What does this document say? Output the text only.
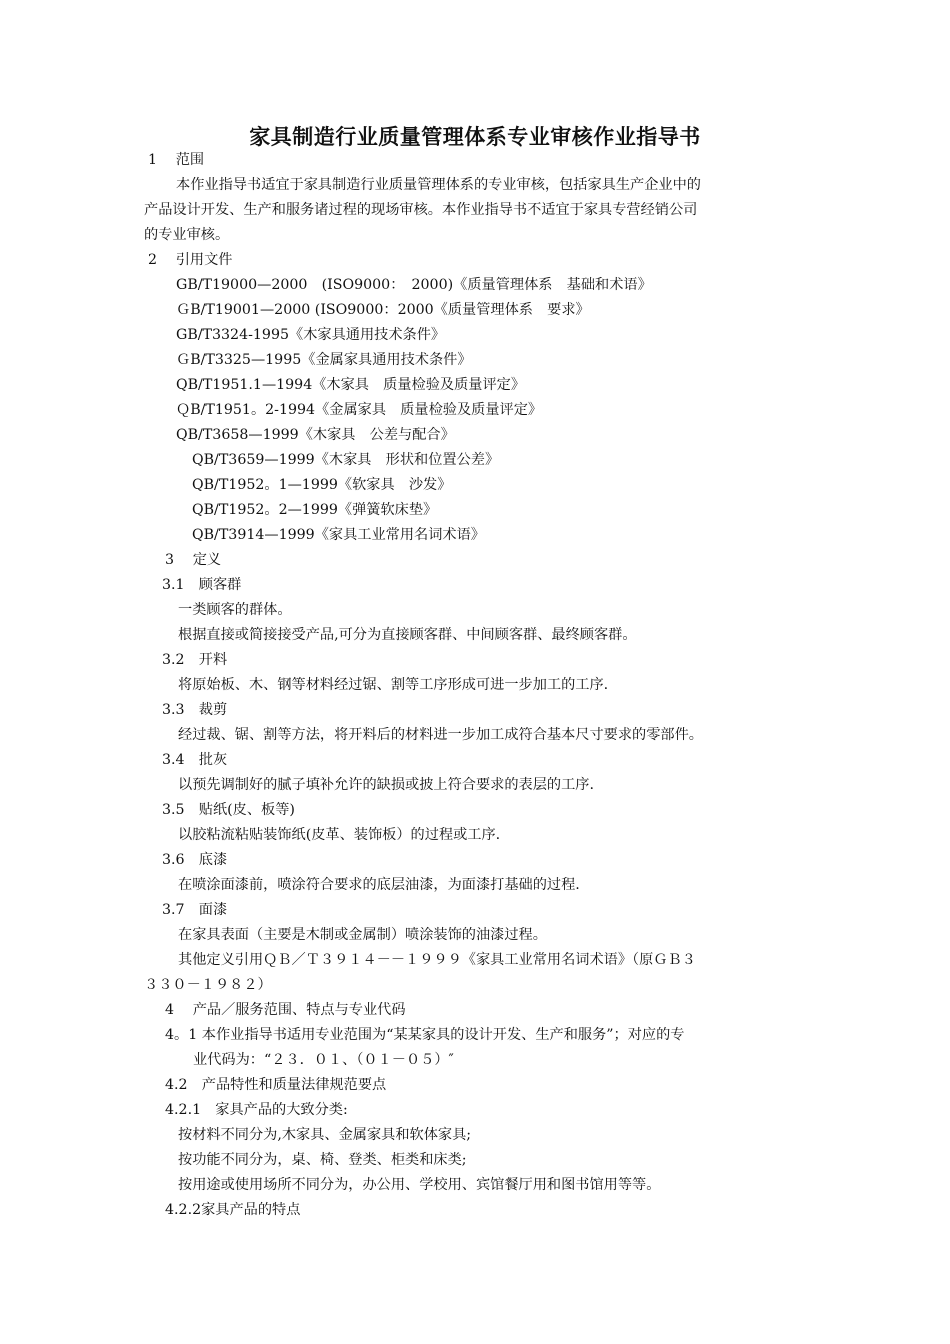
家具制造行业质量管理体系专业审核作业指导书
1　 范围
本作业指导书适宜于家具制造行业质量管理体系的专业审核，包括家具生产企业中的
产品设计开发、生产和服务诸过程的现场审核。本作业指导书不适宜于家具专营经销公司
的专业审核。
2　 引用文件
GB/T19000—2000　(ISO9000：　2000)《质量管理体系　基础和术语》
ＧB/T19001—2000 (ISO9000：2000《质量管理体系　要求》
GB/T3324-1995《木家具通用技术条件》
ＧB/T3325—1995《金属家具通用技术条件》
QB/T1951.1—1994《木家具　质量检验及质量评定》
ＱB/T1951。2-1994《金属家具　质量检验及质量评定》
QB/T3658—1999《木家具　公差与配合》
QB/T3659—1999《木家具　形状和位置公差》
QB/T1952。1—1999《软家具　沙发》
QB/T1952。2—1999《弹簧软床垫》
QB/T3914—1999《家具工业常用名词术语》
3　 定义
3.1　顾客群
一类顾客的群体。
根据直接或简接接受产品,可分为直接顾客群、中间顾客群、最终顾客群。
3.2　开料
将原始板、木、钢等材料经过锯、割等工序形成可进一步加工的工序.
3.3　裁剪
经过裁、锯、割等方法，将开料后的材料进一步加工成符合基本尺寸要求的零部件。
3.4　批灰
以预先调制好的腻子填补允许的缺损或披上符合要求的表层的工序.
3.5　贴纸(皮、板等)
以胶粘流粘贴装饰纸(皮革、装饰板）的过程或工序.
3.6　底漆
在喷涂面漆前，喷涂符合要求的底层油漆，为面漆打基础的过程.
3.7　面漆
在家具表面（主要是木制或金属制）喷涂装饰的油漆过程。
其他定义引用ＱＢ／Ｔ３９１４－－１９９９《家具工业常用名词术语》（原ＧＢ３
３３０－１９８２）
4　 产品／服务范围、特点与专业代码
4。1 本作业指导书适用专业范围为“某某家具的设计开发、生产和服务”；对应的专
业代码为：“２３．０１、（０１－０５）″
4.2　产品特性和质量法律规范要点
4.2.1　家具产品的大致分类:
按材料不同分为,木家具、金属家具和软体家具;
按功能不同分为，桌、椅、登类、柜类和床类;
按用途或使用场所不同分为，办公用、学校用、宾馆餐厅用和图书馆用等等。
4.2.2家具产品的特点
